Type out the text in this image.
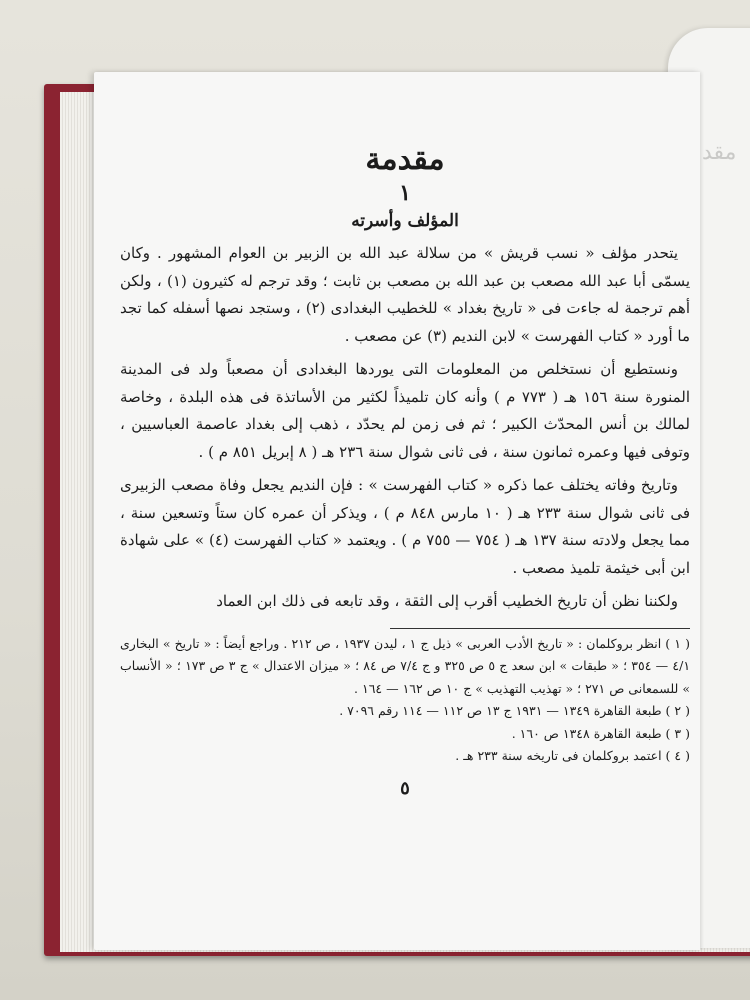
مقد
مقدمة
١
المؤلف وأسرته

يتحدر مؤلف « نسب قريش » من سلالة عبد الله بن الزبير بن العوام المشهور . وكان يسمّى أبا عبد الله مصعب بن عبد الله بن مصعب بن ثابت ؛ وقد ترجم له كثيرون (١) ، ولكن أهم ترجمة له جاءت فى « تاريخ بغداد » للخطيب البغدادى (٢) ، وستجد نصها أسفله كما تجد ما أورد « كتاب الفهرست » لابن النديم (٣) عن مصعب .

ونستطيع أن نستخلص من المعلومات التى يوردها البغدادى أن مصعباً ولد فى المدينة المنورة سنة ١٥٦ هـ ( ٧٧٣ م ) وأنه كان تلميذاً لكثير من الأساتذة فى هذه البلدة ، وخاصة لمالك بن أنس المحدّث الكبير ؛ ثم فى زمن لم يحدّد ، ذهب إلى بغداد عاصمة العباسيين ، وتوفى فيها وعمره ثمانون سنة ، فى ثانى شوال سنة ٢٣٦ هـ ( ٨ إبريل ٨٥١ م ) .

وتاريخ وفاته يختلف عما ذكره « كتاب الفهرست » : فإن النديم يجعل وفاة مصعب الزبيرى فى ثانى شوال سنة ٢٣٣ هـ ( ١٠ مارس ٨٤٨ م ) ، ويذكر أن عمره كان ستاً وتسعين سنة ، مما يجعل ولادته سنة ١٣٧ هـ ( ٧٥٤ — ٧٥٥ م ) . ويعتمد « كتاب الفهرست (٤) » على شهادة ابن أبى خيثمة تلميذ مصعب .

ولكننا نظن أن تاريخ الخطيب أقرب إلى الثقة ، وقد تابعه فى ذلك ابن العماد

( ١ ) انظر بروكلمان : « تاريخ الأدب العربى » ذيل ج ١ ، ليدن ١٩٣٧ ، ص ٢١٢ . وراجع أيضاً : « تاريخ » البخارى ٤/١ — ٣٥٤ ؛ « طبقات » ابن سعد ج ٥ ص ٣٢٥ و ج ٧/٤ ص ٨٤ ؛ « ميزان الاعتدال » ج ٣ ص ١٧٣ ؛ « الأنساب » للسمعانى ص ٢٧١ ؛ « تهذيب التهذيب » ج ١٠ ص ١٦٢ — ١٦٤ .

( ٢ ) طبعة القاهرة ١٣٤٩ — ١٩٣١ ج ١٣ ص ١١٢ — ١١٤ رقم ٧٠٩٦ .

( ٣ ) طبعة القاهرة ١٣٤٨ ص ١٦٠ .

( ٤ ) اعتمد بروكلمان فى تاريخه سنة ٢٣٣ هـ .

٥
